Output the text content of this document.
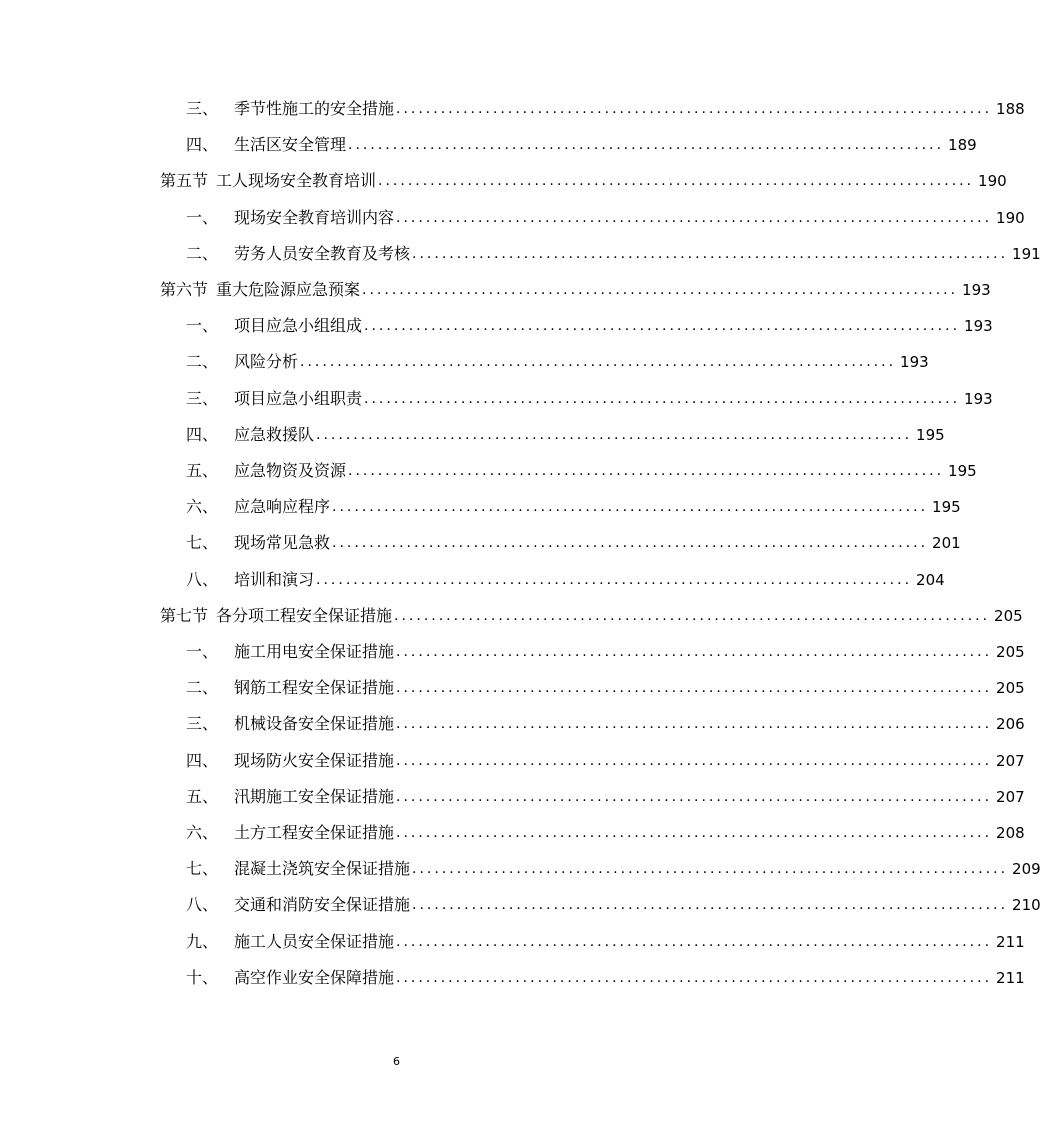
三、 季节性施工的安全措施 ................................................................................ 188
四、 生活区安全管理 ................................................................................ 189
第五节 工人现场安全教育培训 ................................................................................ 190
一、 现场安全教育培训内容 ................................................................................ 190
二、 劳务人员安全教育及考核 ................................................................................ 191
第六节 重大危险源应急预案 ................................................................................ 193
一、 项目应急小组组成 ................................................................................ 193
二、 风险分析 ................................................................................ 193
三、 项目应急小组职责 ................................................................................ 193
四、 应急救援队 ................................................................................ 195
五、 应急物资及资源 ................................................................................ 195
六、 应急响应程序 ................................................................................ 195
七、 现场常见急救 ................................................................................ 201
八、 培训和演习 ................................................................................ 204
第七节 各分项工程安全保证措施 ................................................................................ 205
一、 施工用电安全保证措施 ................................................................................ 205
二、 钢筋工程安全保证措施 ................................................................................ 205
三、 机械设备安全保证措施 ................................................................................ 206
四、 现场防火安全保证措施 ................................................................................ 207
五、 汛期施工安全保证措施 ................................................................................ 207
六、 土方工程安全保证措施 ................................................................................ 208
七、 混凝土浇筑安全保证措施 ................................................................................ 209
八、 交通和消防安全保证措施 ................................................................................ 210
九、 施工人员安全保证措施 ................................................................................ 211
十、 高空作业安全保障措施 ................................................................................ 211
6
